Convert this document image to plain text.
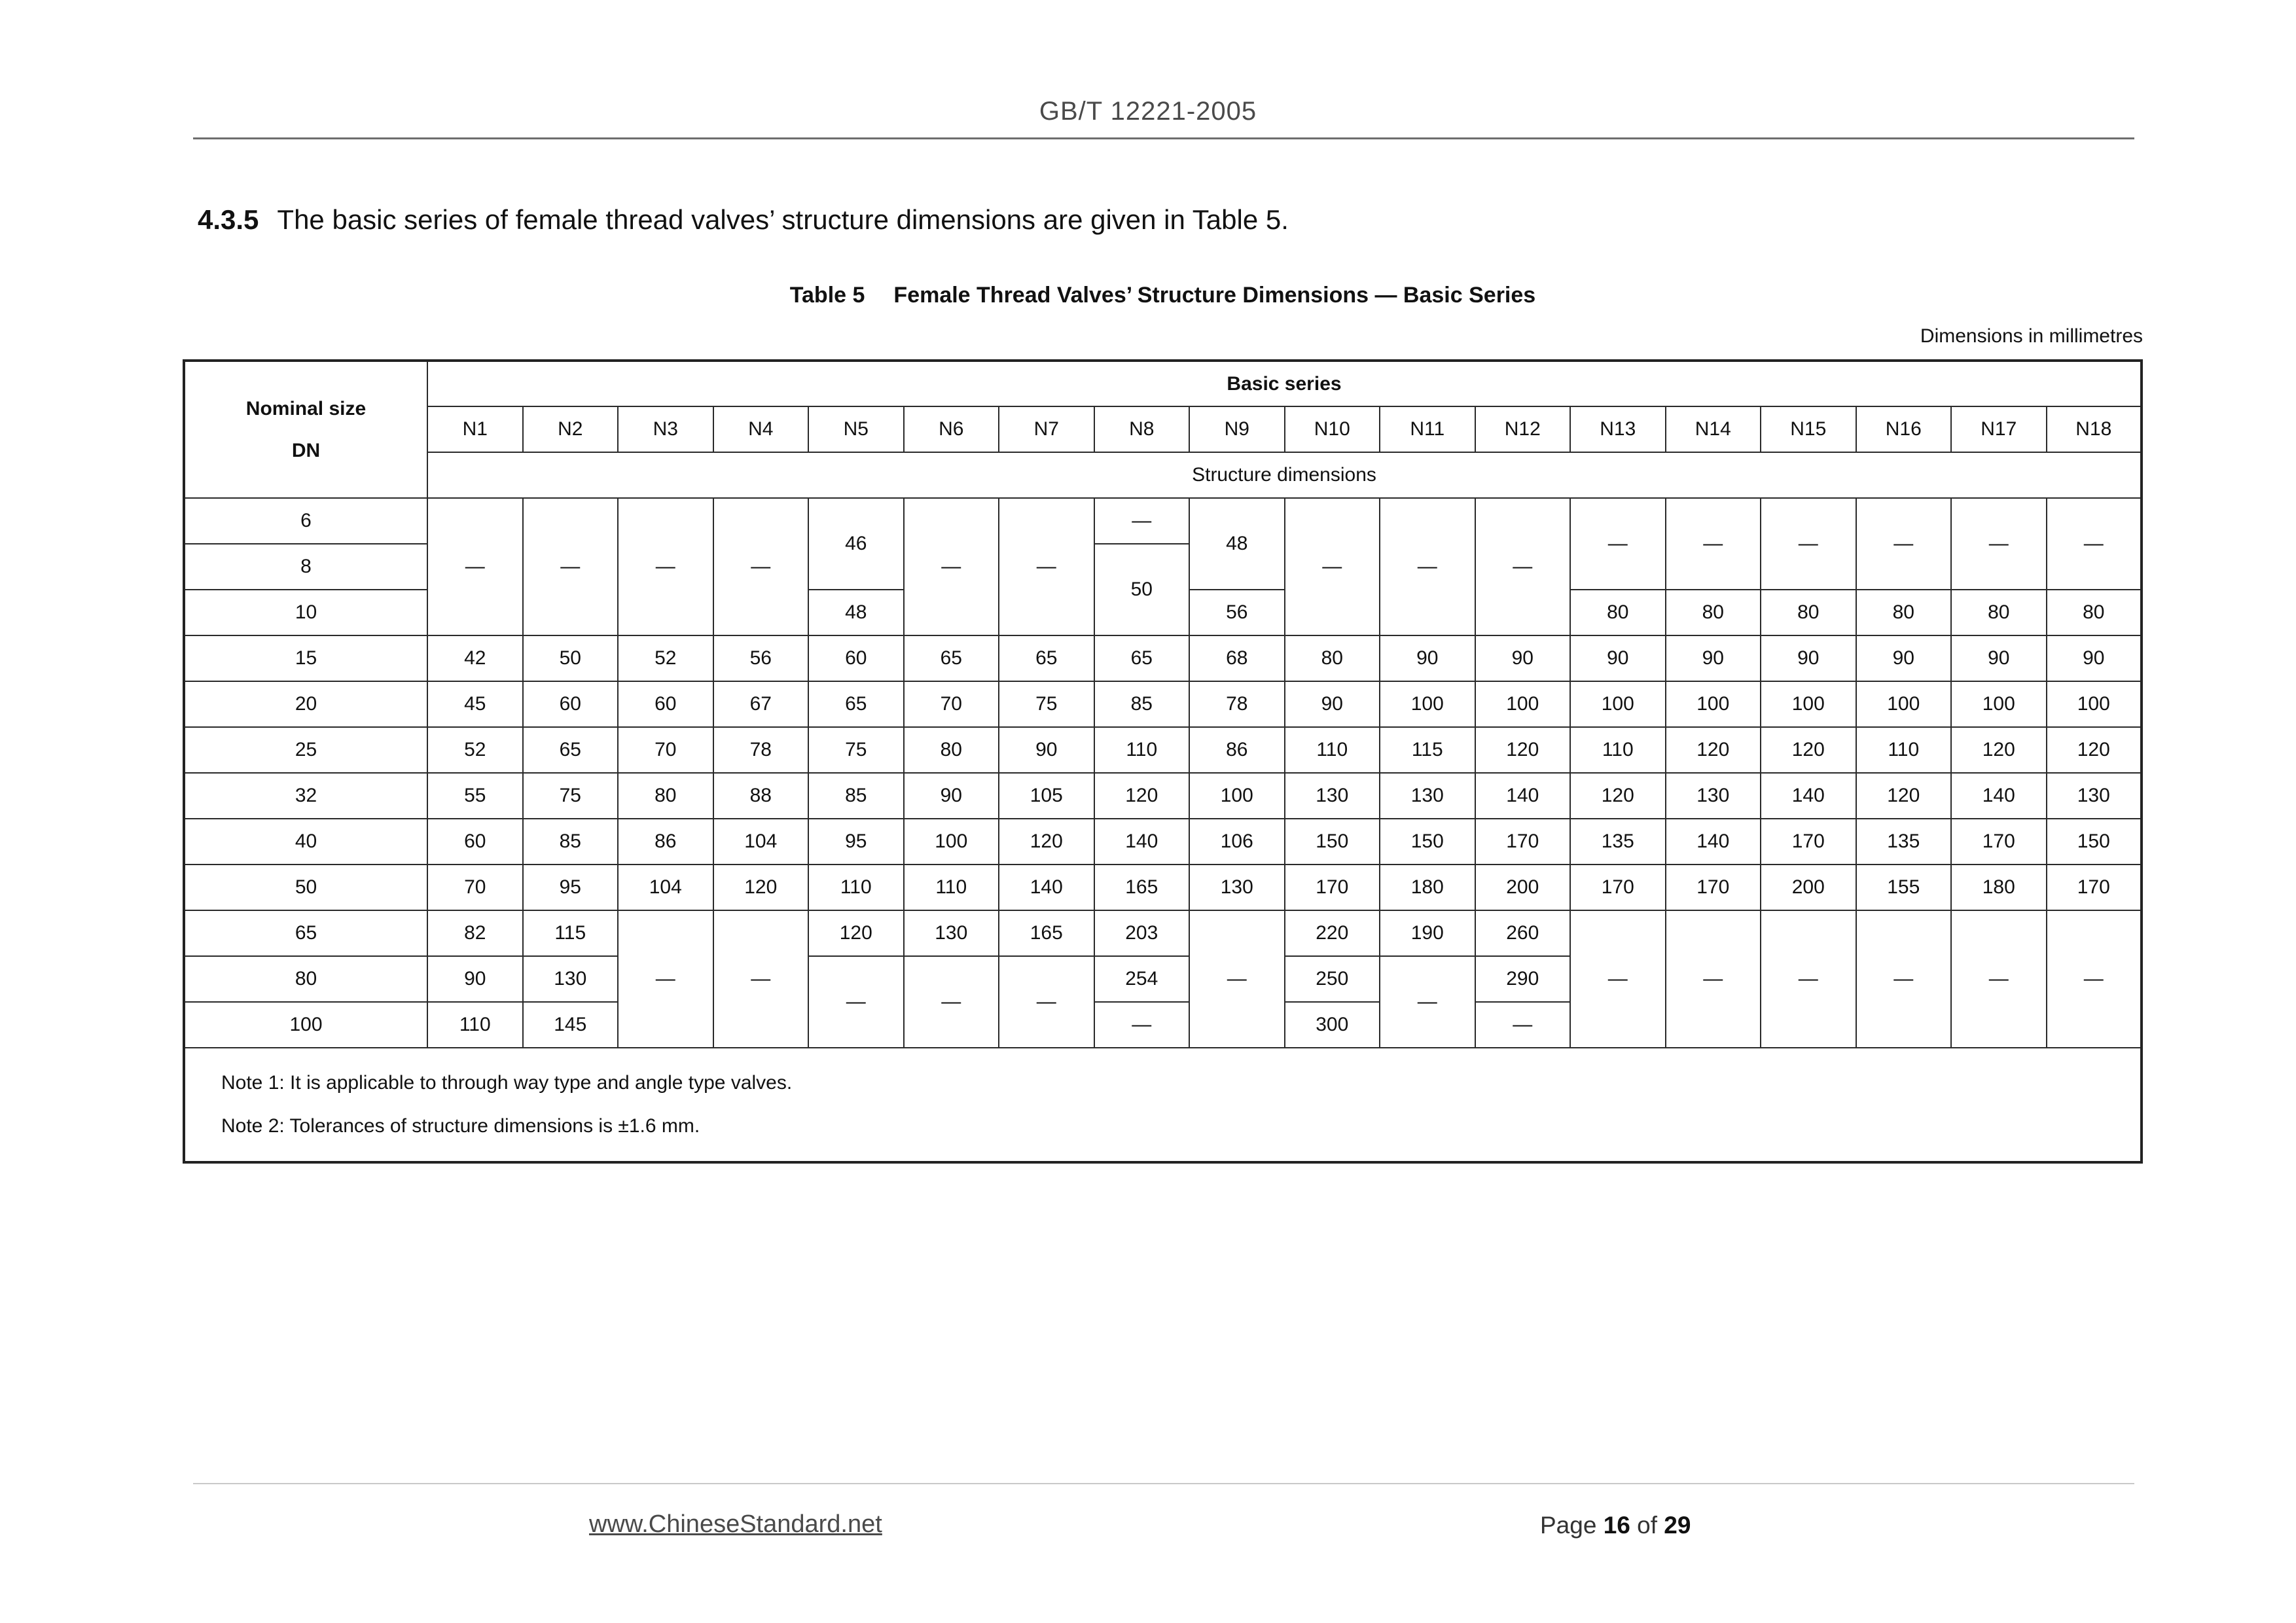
GB/T 12221-2005
4.3.5 The basic series of female thread valves’ structure dimensions are given in Table 5.
Table 5 Female Thread Valves’ Structure Dimensions — Basic Series
Dimensions in millimetres
Nominal size
DN	Basic series																	
	N1	N2	N3	N4	N5	N6	N7	N8	N9	N10	N11	N12	N13	N14	N15	N16	N17	N18
	Structure dimensions																	
6	—	—	—	—	46	—	—	—	48	—	—	—	—	—	—	—	—	—
8								50										
10					48				56				80	80	80	80	80	80
15	42	50	52	56	60	65	65	65	68	80	90	90	90	90	90	90	90	90
20	45	60	60	67	65	70	75	85	78	90	100	100	100	100	100	100	100	100
25	52	65	70	78	75	80	90	110	86	110	115	120	110	120	120	110	120	120
32	55	75	80	88	85	90	105	120	100	130	130	140	120	130	140	120	140	130
40	60	85	86	104	95	100	120	140	106	150	150	170	135	140	170	135	170	150
50	70	95	104	120	110	110	140	165	130	170	180	200	170	170	200	155	180	170
65	82	115	—	—	120	130	165	203	—	220	190	260	—	—	—	—	—	—
80	90	130			—	—	—	254		250	—	290						
100	110	145						—		300		—						

Note 1: It is applicable to through way type and angle type valves.
Note 2: Tolerances of structure dimensions is ±1.6 mm.																		
www.ChineseStandard.net	Page 16 of 29
